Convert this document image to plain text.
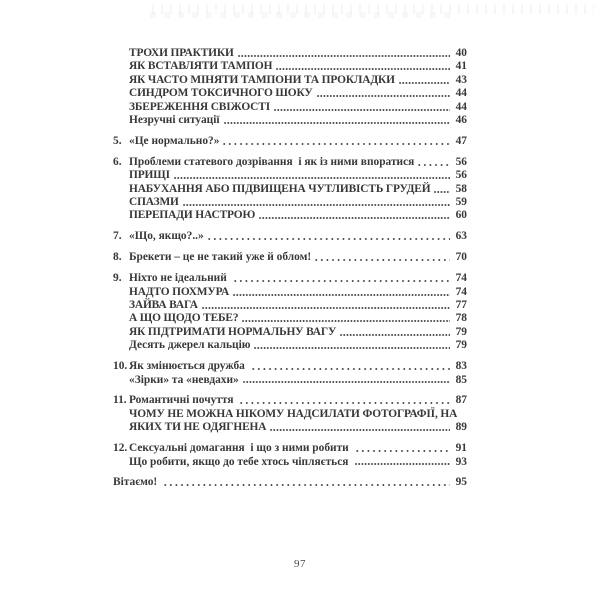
ТРОХИ ПРАКТИКИ	40
ЯК ВСТАВЛЯТИ ТАМПОН	41
ЯК ЧАСТО МІНЯТИ ТАМПОНИ ТА ПРОКЛАДКИ	43
СИНДРОМ ТОКСИЧНОГО ШОКУ	44
ЗБЕРЕЖЕННЯ СВІЖОСТІ	44
Незручні ситуації	46
5. «Це нормально?»	47
6. Проблеми статевого дозрівання  і як із ними впоратися	56
ПРИЩІ	56
НАБУХАННЯ АБО ПІДВИЩЕНА ЧУТЛИВІСТЬ ГРУДЕЙ 58
СПАЗМИ	59
ПЕРЕПАДИ НАСТРОЮ	60
7. «Що, якщо?..»	63
8. Брекети – це не такий уже й облом!	70
9. Ніхто не ідеальний	74
НАДТО ПОХМУРА	74
ЗАЙВА ВАГА	77
А ЩО ЩОДО ТЕБЕ?	78
ЯК ПІДТРИМАТИ НОРМАЛЬНУ ВАГУ	79
Десять джерел кальцію	79
10. Як змінюється дружба	83
«Зірки» та «невдахи»	85
11. Романтичні почуття	87
ЧОМУ НЕ МОЖНА НІКОМУ НАДСИЛАТИ ФОТОГРАФІЇ, НА
ЯКИХ ТИ НЕ ОДЯГНЕНА	89
12. Сексуальні домагання  і що з ними робити	91
Що робити, якщо до тебе хтось чіпляється	93
Вітаємо!	95
97
